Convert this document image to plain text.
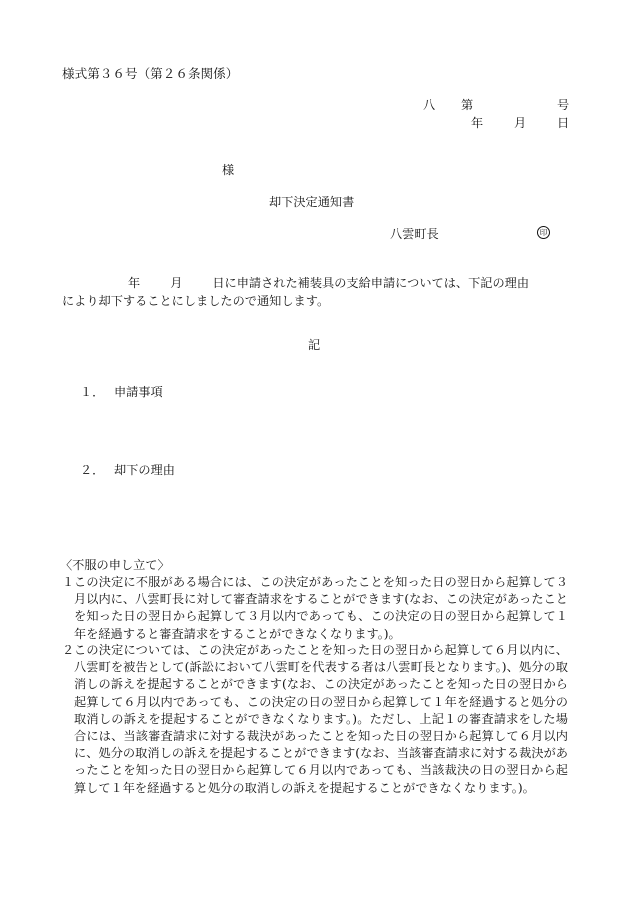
様式第３６号（第２６条関係）
八 第	号
年	月	日
様
却下決定通知書
八雲町長	印
年 月 日に申請された補装具の支給申請については、下記の理由
により却下することにしましたので通知します。
記
１． 申請事項
２． 却下の理由
〈不服の申し立て〉
１ この決定に不服がある場合には、この決定があったことを知った日の翌日から起算して３月以内に、八雲町長に対して審査請求をすることができます(なお、この決定があったことを知った日の翌日から起算して３月以内であっても、この決定の日の翌日から起算して１年を経過すると審査請求をすることができなくなります。)。
２ この決定については、この決定があったことを知った日の翌日から起算して６月以内に、八雲町を被告として(訴訟において八雲町を代表する者は八雲町長となります。)、処分の取消しの訴えを提起することができます(なお、この決定があったことを知った日の翌日から起算して６月以内であっても、この決定の日の翌日から起算して１年を経過すると処分の取消しの訴えを提起することができなくなります。)。ただし、上記１の審査請求をした場合には、当該審査請求に対する裁決があったことを知った日の翌日から起算して６月以内に、処分の取消しの訴えを提起することができます(なお、当該審査請求に対する裁決があったことを知った日の翌日から起算して６月以内であっても、当該裁決の日の翌日から起算して１年を経過すると処分の取消しの訴えを提起することができなくなります。)。
